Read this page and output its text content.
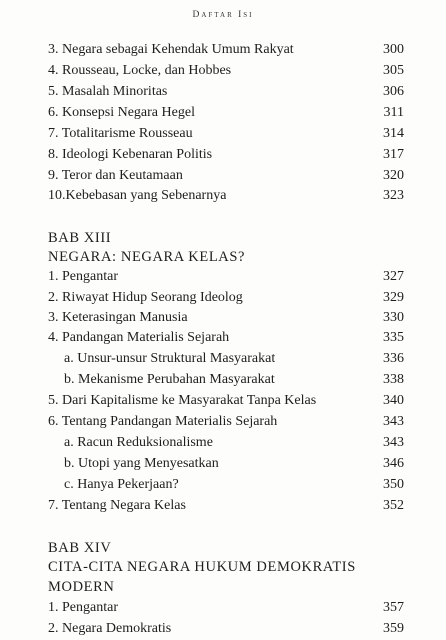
Daftar Isi
3. Negara sebagai Kehendak Umum Rakyat	300
4. Rousseau, Locke, dan Hobbes	305
5. Masalah Minoritas	306
6. Konsepsi Negara Hegel	311
7. Totalitarisme Rousseau	314
8. Ideologi Kebenaran Politis	317
9. Teror dan Keutamaan	320
10.Kebebasan yang Sebenarnya	323
BAB XIII
NEGARA: NEGARA KELAS?
1. Pengantar	327
2. Riwayat Hidup Seorang Ideolog	329
3. Keterasingan Manusia	330
4. Pandangan Materialis Sejarah	335
a. Unsur-unsur Struktural Masyarakat	336
b. Mekanisme Perubahan Masyarakat	338
5. Dari Kapitalisme ke Masyarakat Tanpa Kelas	340
6. Tentang Pandangan Materialis Sejarah	343
a. Racun Reduksionalisme	343
b. Utopi yang Menyesatkan	346
c. Hanya Pekerjaan?	350
7. Tentang Negara Kelas	352
BAB XIV
CITA-CITA NEGARA HUKUM DEMOKRATIS
MODERN
1. Pengantar	357
2. Negara Demokratis	359
